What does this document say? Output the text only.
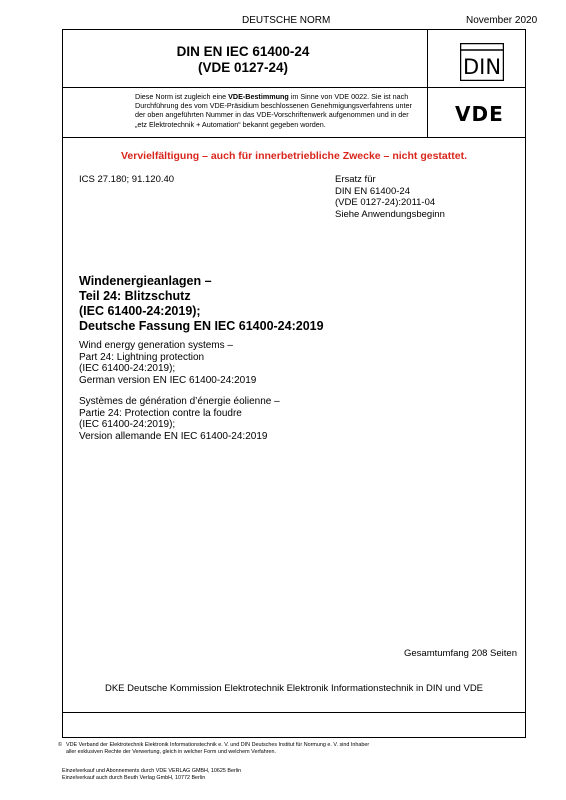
DEUTSCHE NORM	November 2020
DIN EN IEC 61400-24
(VDE 0127-24)	DIN
VDE
Diese Norm ist zugleich eine VDE-Bestimmung im Sinne von VDE 0022. Sie ist nach Durchführung des vom VDE-Präsidium beschlossenen Genehmigungsverfahrens unter der oben angeführten Nummer in das VDE-Vorschriftenwerk aufgenommen und in der „etz Elektrotechnik + Automation“ bekannt gegeben worden.
Vervielfältigung – auch für innerbetriebliche Zwecke – nicht gestattet.
ICS 27.180; 91.120.40	Ersatz für
DIN EN 61400-24
(VDE 0127-24):2011-04
Siehe Anwendungsbeginn
Windenergieanlagen –
Teil 24: Blitzschutz
(IEC 61400-24:2019);
Deutsche Fassung EN IEC 61400-24:2019
Wind energy generation systems –
Part 24: Lightning protection
(IEC 61400-24:2019);
German version EN IEC 61400-24:2019
Systèmes de génération d’énergie éolienne –
Partie 24: Protection contre la foudre
(IEC 61400-24:2019);
Version allemande EN IEC 61400-24:2019
Gesamtumfang 208 Seiten
DKE Deutsche Kommission Elektrotechnik Elektronik Informationstechnik in DIN und VDE
© VDE Verband der Elektrotechnik Elektronik Informationstechnik e. V. und DIN Deutsches Institut für Normung e. V. sind Inhaber
aller exklusiven Rechte der Verwertung, gleich in welcher Form und welchem Verfahren.
Einzelverkauf und Abonnements durch VDE VERLAG GMBH, 10625 Berlin
Einzelverkauf auch durch Beuth Verlag GmbH, 10772 Berlin
